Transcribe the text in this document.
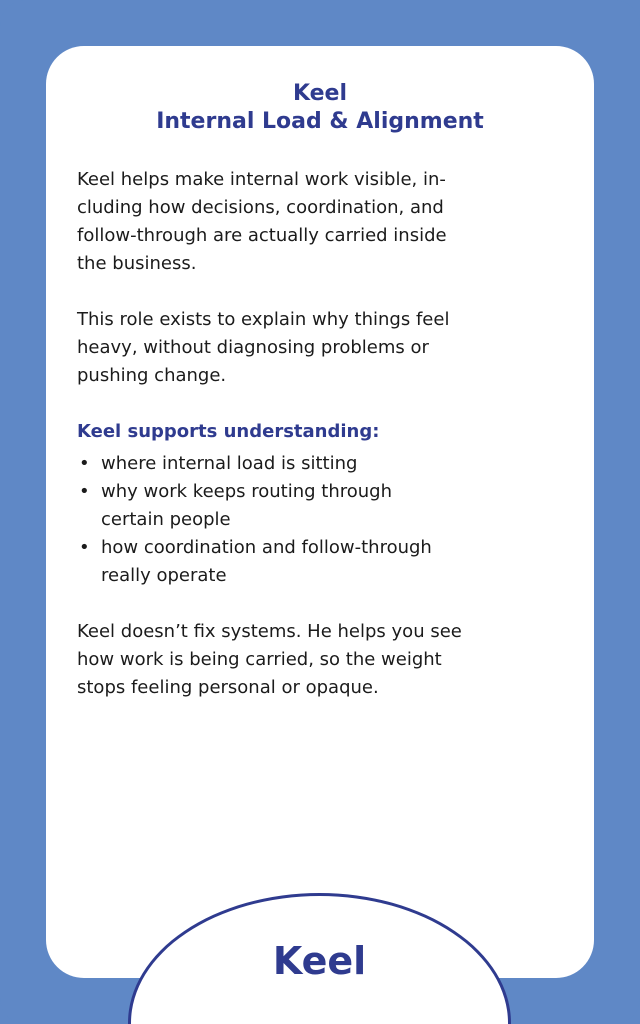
Keel
Internal Load & Alignment
Keel helps make internal work visible, in-
cluding how decisions, coordination, and
follow-through are actually carried inside
the business.
This role exists to explain why things feel
heavy, without diagnosing problems or
pushing change.
Keel supports understanding:
• where internal load is sitting
• why work keeps routing through
certain people
• how coordination and follow-through
really operate
Keel doesn’t fix systems. He helps you see
how work is being carried, so the weight
stops feeling personal or opaque.
Keel
